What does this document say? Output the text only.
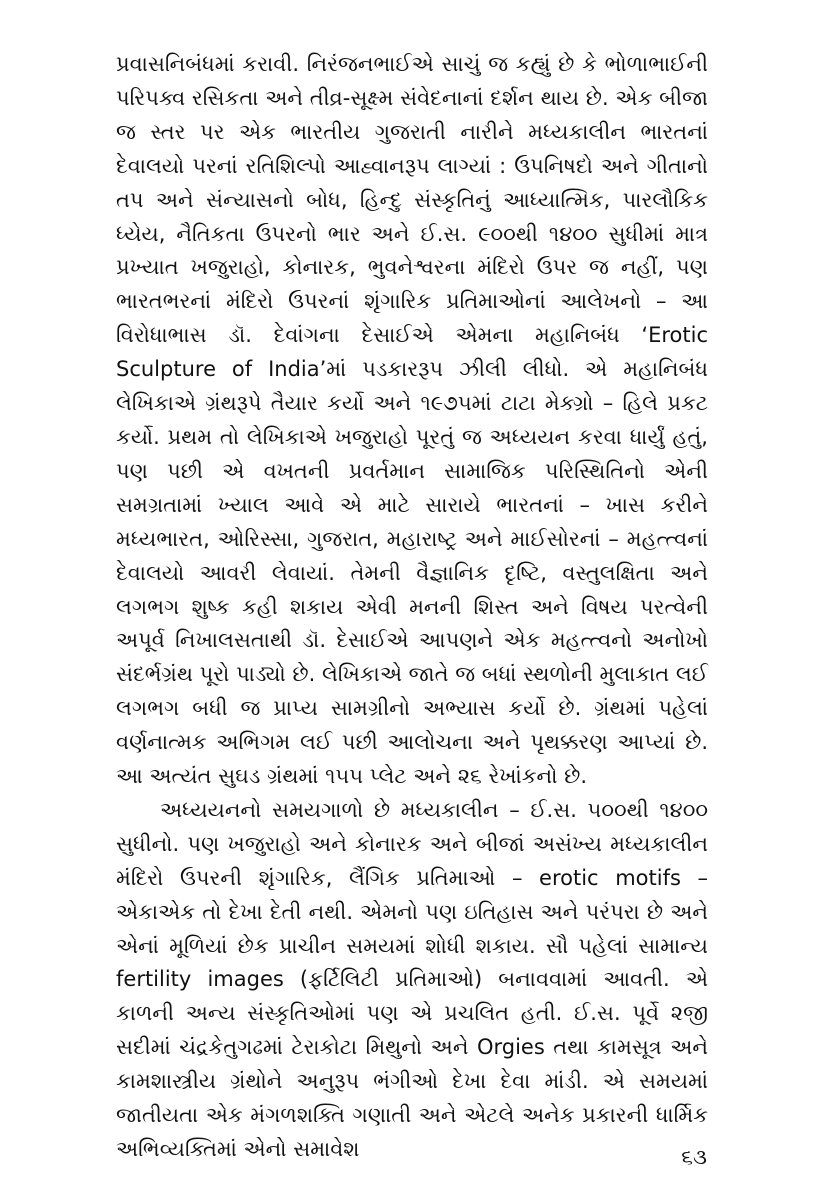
પ્રવાસનિબંધમાં કરાવી. નિરંજનભાઈએ સાચું જ કહ્યું છે કે ભોળાભાઈની પરિપક્વ રસિકતા અને તીવ્ર-સૂક્ષ્મ સંવેદનાનાં દર્શન થાય છે. એક બીજા જ સ્તર પર એક ભારતીય ગુજરાતી નારીને મધ્યકાલીન ભારતનાં દેવાલયો પરનાં રતિશિલ્પો આહ્વાનરૂપ લાગ્યાં : ઉપનિષદો અને ગીતાનો તપ અને સંન્યાસનો બોધ, હિન્દુ સંસ્કૃતિનું આધ્યાત્મિક, પારલૌકિક ધ્યેય, નૈતિકતા ઉપરનો ભાર અને ઈ.સ. ૯૦૦થી ૧૪૦૦ સુધીમાં માત્ર પ્રખ્યાત ખજુરાહો, કોનારક, ભુવનેશ્વરના મંદિરો ઉપર જ નહીં, પણ ભારતભરનાં મંદિરો ઉપરનાં શૃંગારિક પ્રતિમાઓનાં આલેખનો – આ વિરોધાભાસ ડૉ. દેવાંગના દેસાઈએ એમના મહાનિબંધ ‘Erotic Sculpture of India’માં પડકારરૂપ ઝીલી લીધો. એ મહાનિબંધ લેખિકાએ ગ્રંથરૂપે તૈયાર કર્યો અને ૧૯૭૫માં ટાટા મેક્ગ્રો – હિલે પ્રકટ કર્યો. પ્રથમ તો લેખિકાએ ખજુરાહો પૂરતું જ અધ્યયન કરવા ધાર્યું હતું, પણ પછી એ વખતની પ્રવર્તમાન સામાજિક પરિસ્થિતિનો એની સમગ્રતામાં ખ્યાલ આવે એ માટે સારાયે ભારતનાં – ખાસ કરીને મધ્યભારત, ઓરિસ્સા, ગુજરાત, મહારાષ્ટ્ર અને માઈસોરનાં – મહત્ત્વનાં દેવાલયો આવરી લેવાયાં. તેમની વૈજ્ઞાનિક દૃષ્ટિ, વસ્તુલક્ષિતા અને લગભગ શુષ્ક કહી શકાય એવી મનની શિસ્ત અને વિષય પરત્વેની અપૂર્વ નિખાલસતાથી ડૉ. દેસાઈએ આપણને એક મહત્ત્વનો અનોખો સંદર્ભગ્રંથ પૂરો પાડ્યો છે. લેખિકાએ જાતે જ બધાં સ્થળોની મુલાકાત લઈ લગભગ બધી જ પ્રાપ્ય સામગ્રીનો અભ્યાસ કર્યો છે. ગ્રંથમાં પહેલાં વર્ણનાત્મક અભિગમ લઈ પછી આલોચના અને પૃથક્કરણ આપ્યાં છે. આ અત્યંત સુઘડ ગ્રંથમાં ૧૫૫ પ્લેટ અને ૨૬ રેખાંકનો છે.

અધ્યયનનો સમયગાળો છે મધ્યકાલીન – ઈ.સ. ૫૦૦થી ૧૪૦૦ સુધીનો. પણ ખજુરાહો અને કોનારક અને બીજાં અસંખ્ય મધ્યકાલીન મંદિરો ઉપરની શૃંગારિક, લૈંગિક પ્રતિમાઓ – erotic motifs – એકાએક તો દેખા દેતી નથી. એમનો પણ ઇતિહાસ અને પરંપરા છે અને એનાં મૂળિયાં છેક પ્રાચીન સમયમાં શોધી શકાય. સૌ પહેલાં સામાન્ય fertility images (ફર્ટિલિટી પ્રતિમાઓ) બનાવવામાં આવતી. એ કાળની અન્ય સંસ્કૃતિઓમાં પણ એ પ્રચલિત હતી. ઈ.સ. પૂર્વે ૨જી સદીમાં ચંદ્રકેતુગઢમાં ટેરાકોટા મિથુનો અને Orgies તથા કામસૂત્ર અને કામશાસ્ત્રીય ગ્રંથોને અનુરૂપ ભંગીઓ દેખા દેવા માંડી. એ સમયમાં જાતીયતા એક મંગળશક્તિ ગણાતી અને એટલે અનેક પ્રકારની ધાર્મિક અભિવ્યક્તિમાં એનો સમાવેશ	૬૩
